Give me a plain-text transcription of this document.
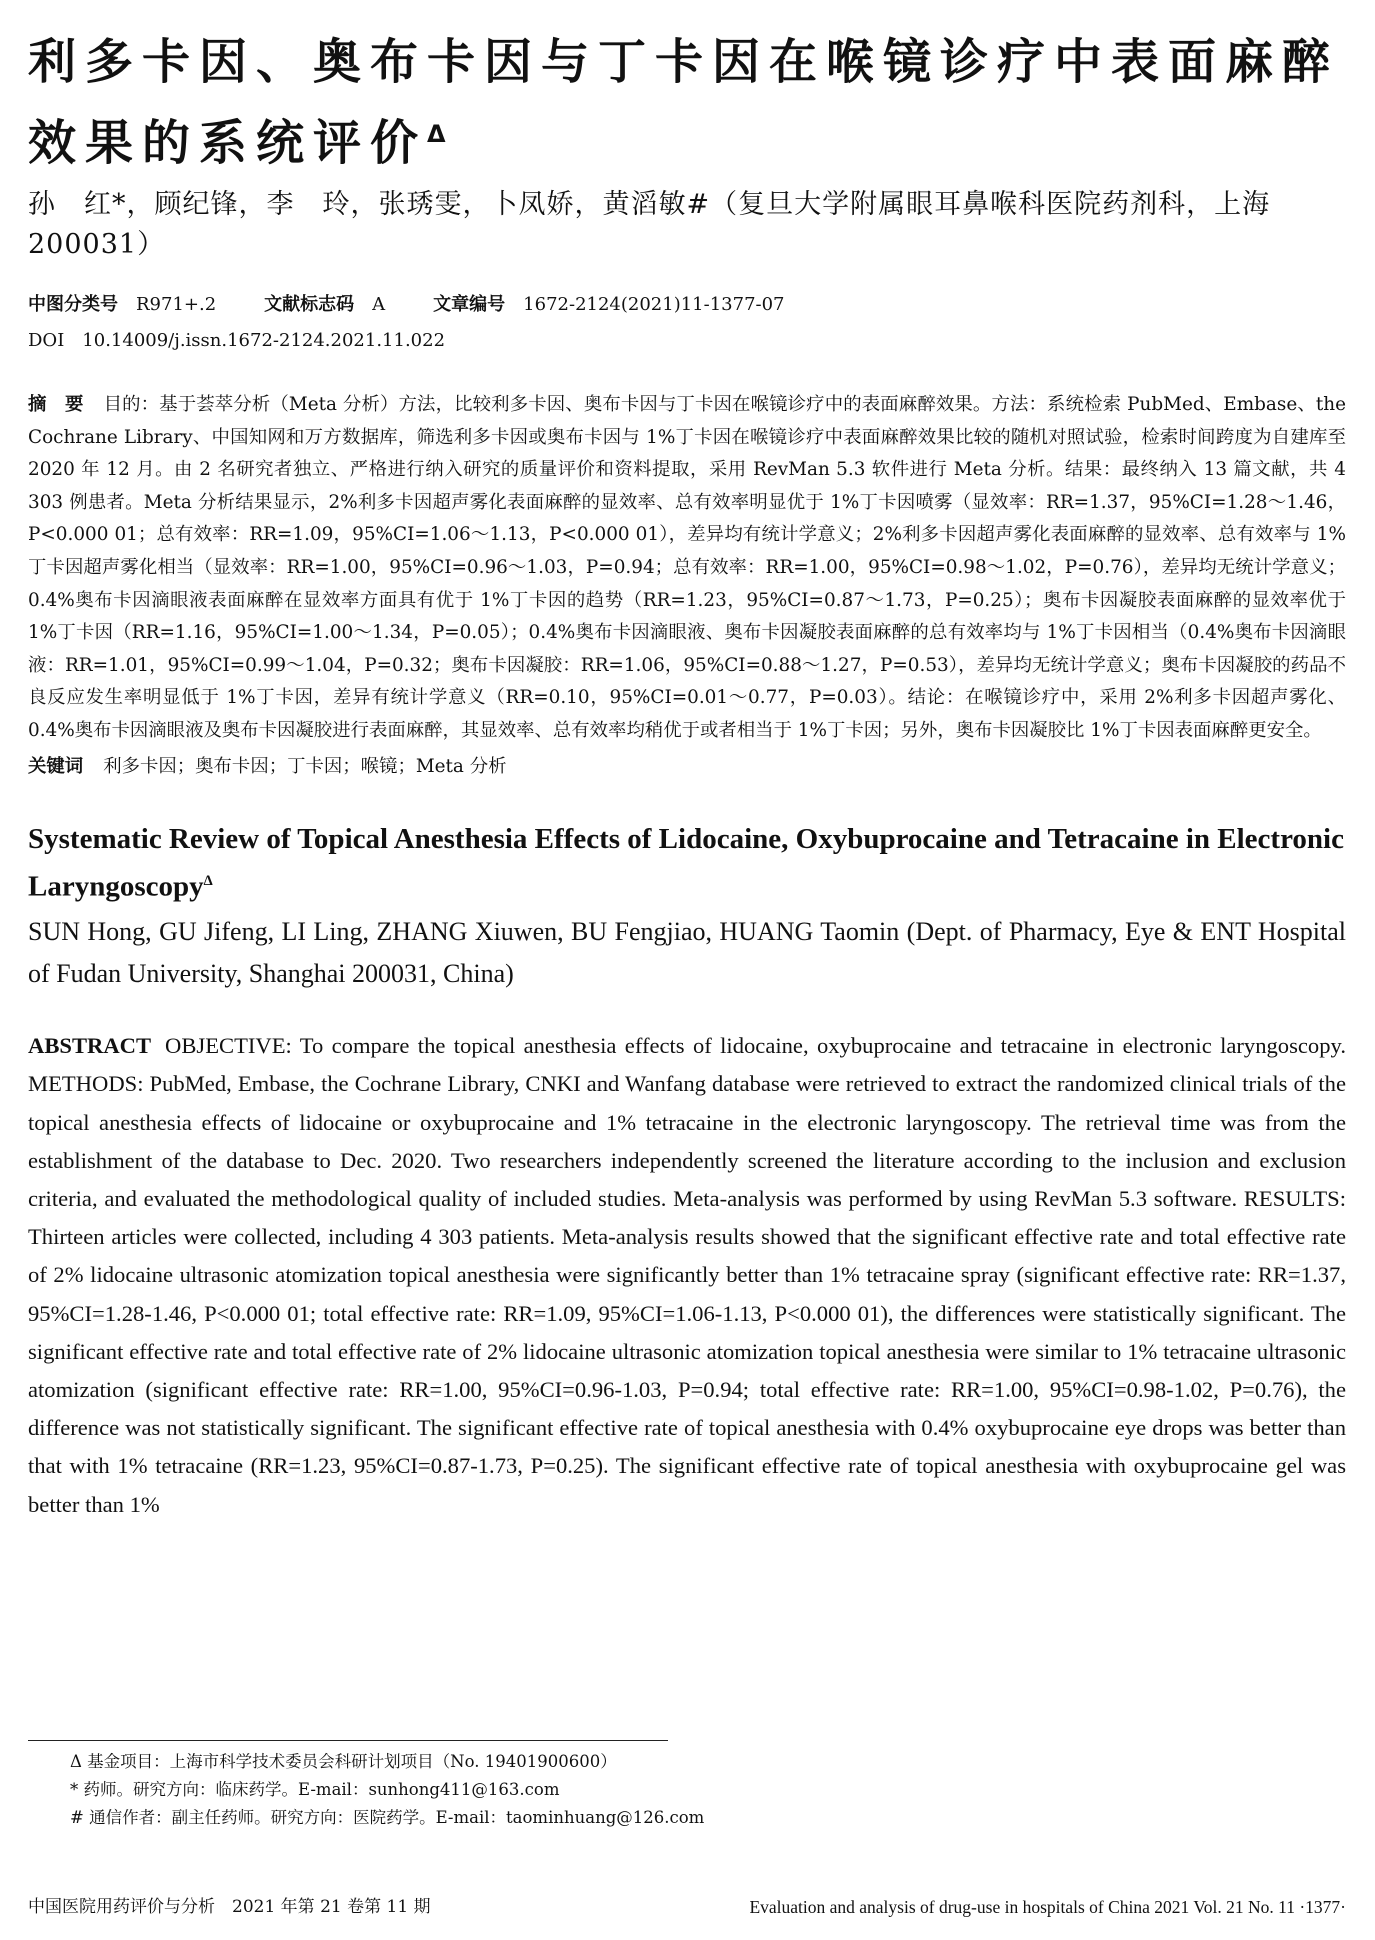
利多卡因、奥布卡因与丁卡因在喉镜诊疗中表面麻醉效果的系统评价$^\Delta$
孙　红*，顾纪锋，李　玲，张琇雯，卜凤娇，黄滔敏#（复旦大学附属眼耳鼻喉科医院药剂科，上海　200031）
中图分类号 R971+.2	文献标志码 A	文章编号 1672-2124(2021)11-1377-07
DOI　10.14009/j.issn.1672-2124.2021.11.022
摘　要 目的：基于荟萃分析（Meta 分析）方法，比较利多卡因、奥布卡因与丁卡因在喉镜诊疗中的表面麻醉效果。方法：系统检索 PubMed、Embase、the Cochrane Library、中国知网和万方数据库，筛选利多卡因或奥布卡因与 1%丁卡因在喉镜诊疗中表面麻醉效果比较的随机对照试验，检索时间跨度为自建库至 2020 年 12 月。由 2 名研究者独立、严格进行纳入研究的质量评价和资料提取，采用 RevMan 5.3 软件进行 Meta 分析。结果：最终纳入 13 篇文献，共 4 303 例患者。Meta 分析结果显示，2%利多卡因超声雾化表面麻醉的显效率、总有效率明显优于 1%丁卡因喷雾（显效率：RR=1.37，95%CI=1.28～1.46，P<0.000 01；总有效率：RR=1.09，95%CI=1.06～1.13，P<0.000 01），差异均有统计学意义；2%利多卡因超声雾化表面麻醉的显效率、总有效率与 1%丁卡因超声雾化相当（显效率：RR=1.00，95%CI=0.96～1.03，P=0.94；总有效率：RR=1.00，95%CI=0.98～1.02，P=0.76），差异均无统计学意义；0.4%奥布卡因滴眼液表面麻醉在显效率方面具有优于 1%丁卡因的趋势（RR=1.23，95%CI=0.87～1.73，P=0.25）；奥布卡因凝胶表面麻醉的显效率优于 1%丁卡因（RR=1.16，95%CI=1.00～1.34，P=0.05）；0.4%奥布卡因滴眼液、奥布卡因凝胶表面麻醉的总有效率均与 1%丁卡因相当（0.4%奥布卡因滴眼液：RR=1.01，95%CI=0.99～1.04，P=0.32；奥布卡因凝胶：RR=1.06，95%CI=0.88～1.27，P=0.53），差异均无统计学意义；奥布卡因凝胶的药品不良反应发生率明显低于 1%丁卡因，差异有统计学意义（RR=0.10，95%CI=0.01～0.77，P=0.03）。结论：在喉镜诊疗中，采用 2%利多卡因超声雾化、0.4%奥布卡因滴眼液及奥布卡因凝胶进行表面麻醉，其显效率、总有效率均稍优于或者相当于 1%丁卡因；另外，奥布卡因凝胶比 1%丁卡因表面麻醉更安全。
关键词 利多卡因；奥布卡因；丁卡因；喉镜；Meta 分析
Systematic Review of Topical Anesthesia Effects of Lidocaine, Oxybuprocaine and Tetracaine in Electronic Laryngoscopy$^\Delta$
SUN Hong, GU Jifeng, LI Ling, ZHANG Xiuwen, BU Fengjiao, HUANG Taomin (Dept. of Pharmacy, Eye & ENT Hospital of Fudan University, Shanghai 200031, China)
ABSTRACT OBJECTIVE: To compare the topical anesthesia effects of lidocaine, oxybuprocaine and tetracaine in electronic laryngoscopy. METHODS: PubMed, Embase, the Cochrane Library, CNKI and Wanfang database were retrieved to extract the randomized clinical trials of the topical anesthesia effects of lidocaine or oxybuprocaine and 1% tetracaine in the electronic laryngoscopy. The retrieval time was from the establishment of the database to Dec. 2020. Two researchers independently screened the literature according to the inclusion and exclusion criteria, and evaluated the methodological quality of included studies. Meta-analysis was performed by using RevMan 5.3 software. RESULTS: Thirteen articles were collected, including 4 303 patients. Meta-analysis results showed that the significant effective rate and total effective rate of 2% lidocaine ultrasonic atomization topical anesthesia were significantly better than 1% tetracaine spray (significant effective rate: RR=1.37, 95%CI=1.28-1.46, P<0.000 01; total effective rate: RR=1.09, 95%CI=1.06-1.13, P<0.000 01), the differences were statistically significant. The significant effective rate and total effective rate of 2% lidocaine ultrasonic atomization topical anesthesia were similar to 1% tetracaine ultrasonic atomization (significant effective rate: RR=1.00, 95%CI=0.96-1.03, P=0.94; total effective rate: RR=1.00, 95%CI=0.98-1.02, P=0.76), the difference was not statistically significant. The significant effective rate of topical anesthesia with 0.4% oxybuprocaine eye drops was better than that with 1% tetracaine (RR=1.23, 95%CI=0.87-1.73, P=0.25). The significant effective rate of topical anesthesia with oxybuprocaine gel was better than 1%
Δ 基金项目：上海市科学技术委员会科研计划项目（No. 19401900600）
* 药师。研究方向：临床药学。E-mail：sunhong411@163.com
# 通信作者：副主任药师。研究方向：医院药学。E-mail：taominhuang@126.com
中国医院用药评价与分析　2021 年第 21 卷第 11 期	Evaluation and analysis of drug-use in hospitals of China 2021 Vol. 21 No. 11 ·1377·
